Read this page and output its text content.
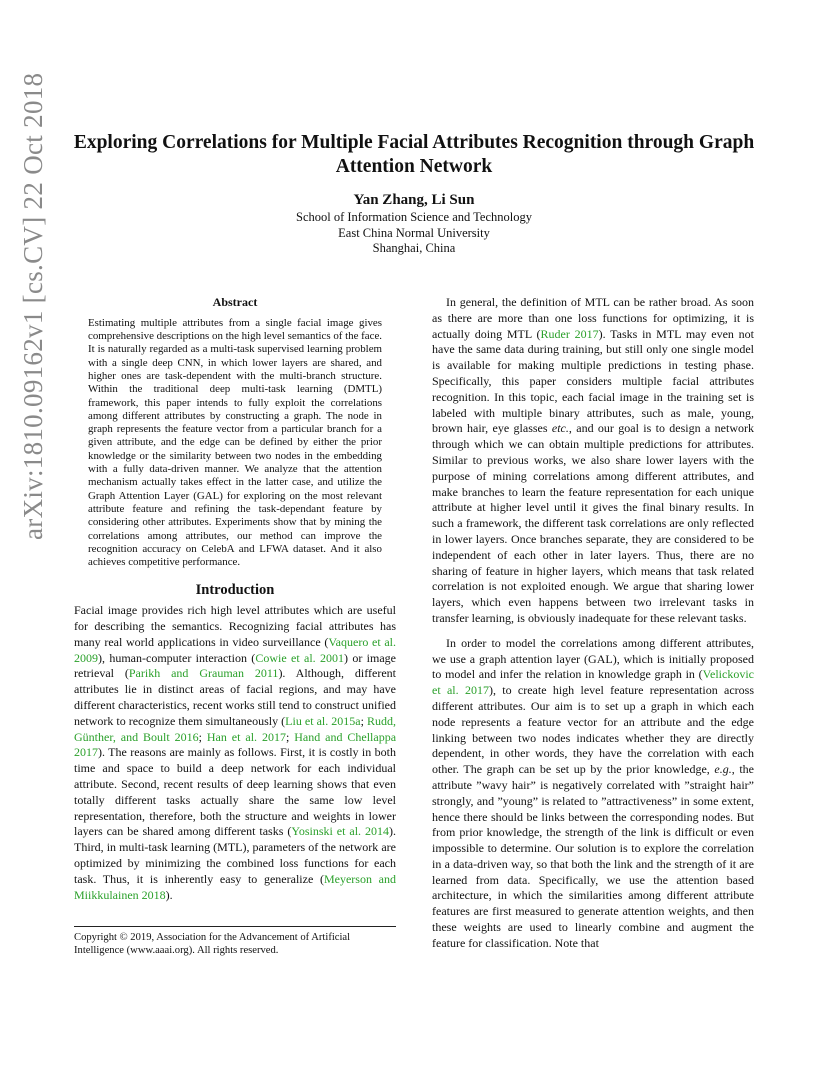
arXiv:1810.09162v1 [cs.CV] 22 Oct 2018	Exploring Correlations for Multiple Facial Attributes Recognition through Graph Attention Network
Yan Zhang, Li Sun
School of Information Science and Technology
East China Normal University
Shanghai, China
Abstract
Estimating multiple attributes from a single facial image gives comprehensive descriptions on the high level semantics of the face. It is naturally regarded as a multi-task supervised learning problem with a single deep CNN, in which lower layers are shared, and higher ones are task-dependent with the multi-branch structure. Within the traditional deep multi-task learning (DMTL) framework, this paper intends to fully exploit the correlations among different attributes by constructing a graph. The node in graph represents the feature vector from a particular branch for a given attribute, and the edge can be defined by either the prior knowledge or the similarity between two nodes in the embedding with a fully data-driven manner. We analyze that the attention mechanism actually takes effect in the latter case, and utilize the Graph Attention Layer (GAL) for exploring on the most relevant attribute feature and refining the task-dependant feature by considering other attributes. Experiments show that by mining the correlations among attributes, our method can improve the recognition accuracy on CelebA and LFWA dataset. And it also achieves competitive performance.
Introduction

Facial image provides rich high level attributes which are useful for describing the semantics. Recognizing facial attributes has many real world applications in video surveillance (Vaquero et al. 2009), human-computer interaction (Cowie et al. 2001) or image retrieval (Parikh and Grauman 2011). Although, different attributes lie in distinct areas of facial regions, and may have different characteristics, recent works still tend to construct unified network to recognize them simultaneously (Liu et al. 2015a; Rudd, Günther, and Boult 2016; Han et al. 2017; Hand and Chellappa 2017). The reasons are mainly as follows. First, it is costly in both time and space to build a deep network for each individual attribute. Second, recent results of deep learning shows that even totally different tasks actually share the same low level representation, therefore, both the structure and weights in lower layers can be shared among different tasks (Yosinski et al. 2014). Third, in multi-task learning (MTL), parameters of the network are optimized by minimizing the combined loss functions for each task. Thus, it is inherently easy to generalize (Meyerson and Miikkulainen 2018).

Copyright © 2019, Association for the Advancement of Artificial Intelligence (www.aaai.org). All rights reserved.

In general, the definition of MTL can be rather broad. As soon as there are more than one loss functions for optimizing, it is actually doing MTL (Ruder 2017). Tasks in MTL may even not have the same data during training, but still only one single model is available for making multiple predictions in testing phase. Specifically, this paper considers multiple facial attributes recognition. In this topic, each facial image in the training set is labeled with multiple binary attributes, such as male, young, brown hair, eye glasses etc., and our goal is to design a network through which we can obtain multiple predictions for attributes. Similar to previous works, we also share lower layers with the purpose of mining correlations among different attributes, and make branches to learn the feature representation for each unique attribute at higher level until it gives the final binary results. In such a framework, the different task correlations are only reflected in lower layers. Once branches separate, they are considered to be independent of each other in later layers. Thus, there are no sharing of feature in higher layers, which means that task related correlation is not exploited enough. We argue that sharing lower layers, which even happens between two irrelevant tasks in transfer learning, is obviously inadequate for these relevant tasks.

In order to model the correlations among different attributes, we use a graph attention layer (GAL), which is initially proposed to model and infer the relation in knowledge graph in (Velickovic et al. 2017), to create high level feature representation across different attributes. Our aim is to set up a graph in which each node represents a feature vector for an attribute and the edge linking between two nodes indicates whether they are directly dependent, in other words, they have the correlation with each other. The graph can be set up by the prior knowledge, e.g., the attribute ”wavy hair” is negatively correlated with ”straight hair” strongly, and ”young” is related to ”attractiveness” in some extent, hence there should be links between the corresponding nodes. But from prior knowledge, the strength of the link is difficult or even impossible to determine. Our solution is to explore the correlation in a data-driven way, so that both the link and the strength of it are learned from data. Specifically, we use the attention based architecture, in which the similarities among different attribute features are first measured to generate attention weights, and then these weights are used to linearly combine and augment the feature for classification. Note that
